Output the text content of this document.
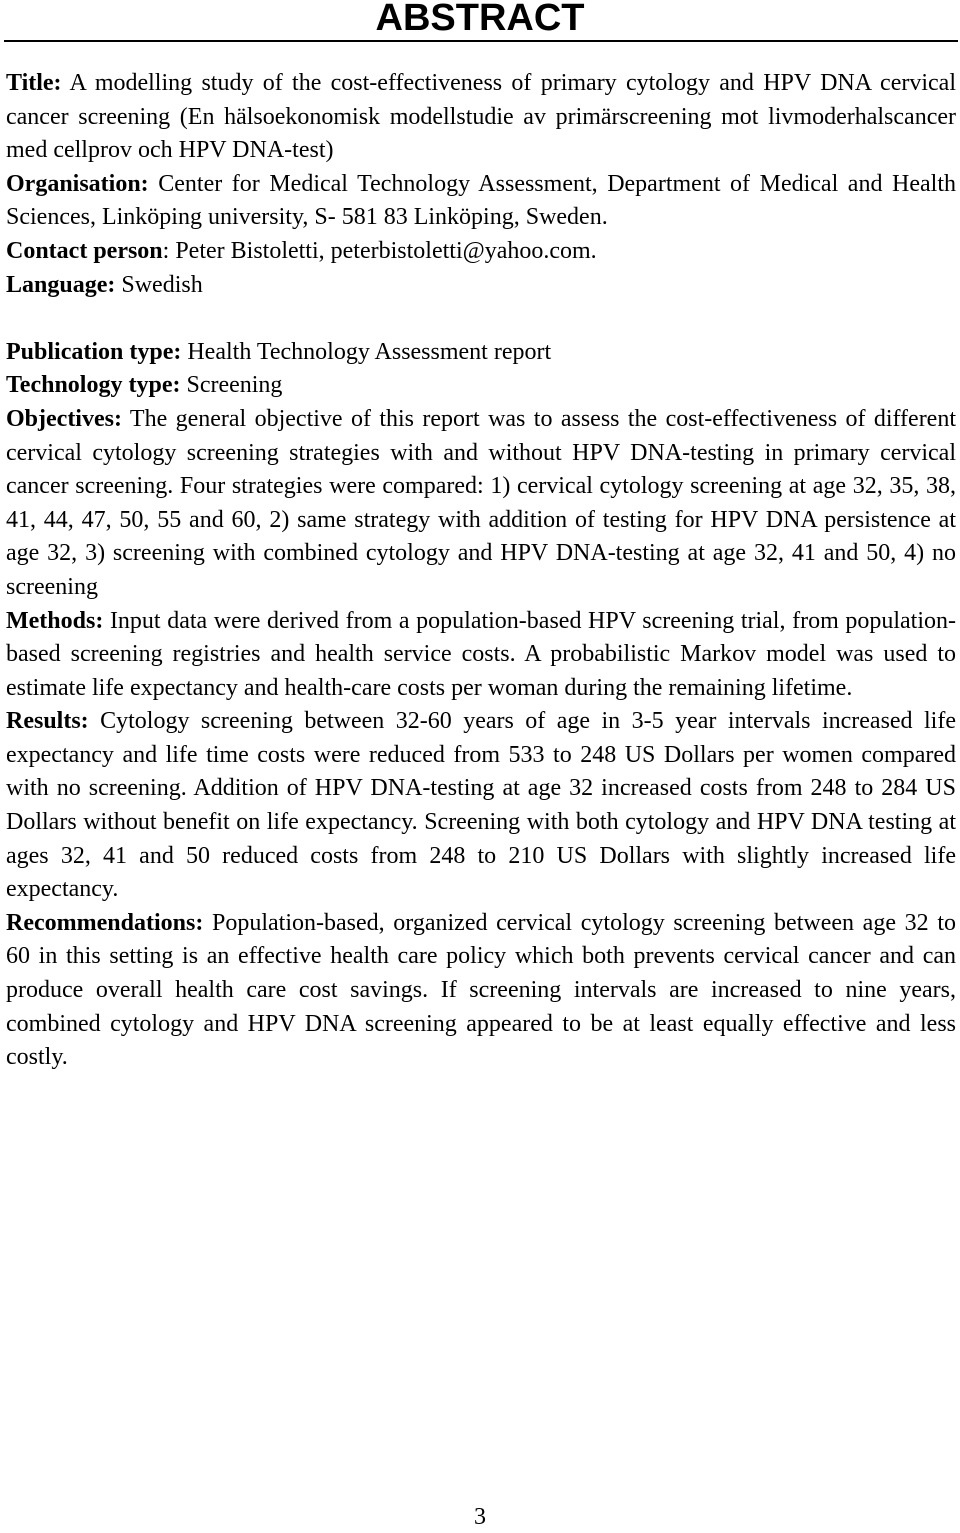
ABSTRACT

Title: A modelling study of the cost-effectiveness of primary cytology and HPV DNA cervical cancer screening (En hälsoekonomisk modellstudie av primärscreening mot livmoderhalscancer med cellprov och HPV DNA-test)

Organisation: Center for Medical Technology Assessment, Department of Medical and Health Sciences, Linköping university, S- 581 83 Linköping, Sweden.

Contact person: Peter Bistoletti, peterbistoletti@yahoo.com.

Language: Swedish

Publication type: Health Technology Assessment report

Technology type: Screening

Objectives: The general objective of this report was to assess the cost-effectiveness of different cervical cytology screening strategies with and without HPV DNA-testing in primary cervical cancer screening. Four strategies were compared: 1) cervical cytology screening at age 32, 35, 38, 41, 44, 47, 50, 55 and 60, 2) same strategy with addition of testing for HPV DNA persistence at age 32, 3) screening with combined cytology and HPV DNA-testing at age 32, 41 and 50, 4) no screening

Methods: Input data were derived from a population-based HPV screening trial, from population-based screening registries and health service costs. A probabilistic Markov model was used to estimate life expectancy and health-care costs per woman during the remaining lifetime.

Results: Cytology screening between 32-60 years of age in 3-5 year intervals increased life expectancy and life time costs were reduced from 533 to 248 US Dollars per women compared with no screening. Addition of HPV DNA-testing at age 32 increased costs from 248 to 284 US Dollars without benefit on life expectancy. Screening with both cytology and HPV DNA testing at ages 32, 41 and 50 reduced costs from 248 to 210 US Dollars with slightly increased life expectancy.

Recommendations: Population-based, organized cervical cytology screening between age 32 to 60 in this setting is an effective health care policy which both prevents cervical cancer and can produce overall health care cost savings. If screening intervals are increased to nine years, combined cytology and HPV DNA screening appeared to be at least equally effective and less costly.

3
